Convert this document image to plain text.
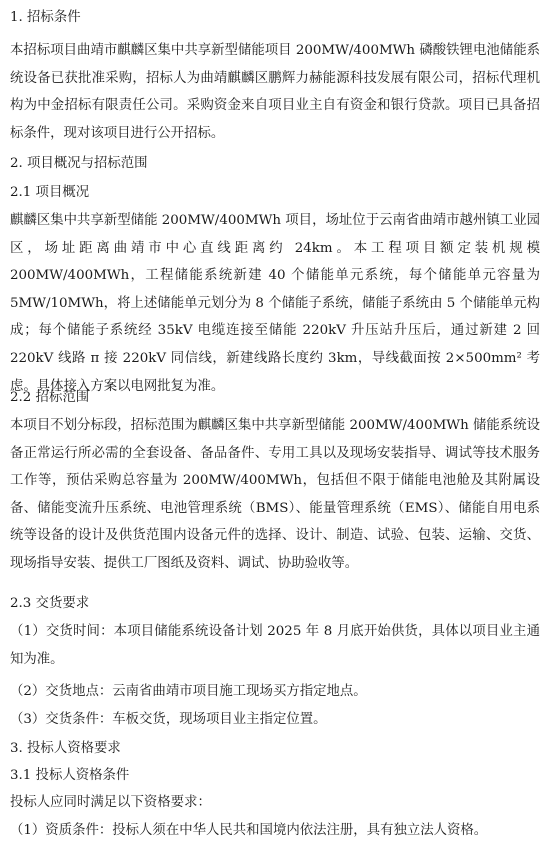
1. 招标条件
本招标项目曲靖市麒麟区集中共享新型储能项目 200MW/400MWh 磷酸铁锂电池储能系统设备已获批准采购，招标人为曲靖麒麟区鹏辉力赫能源科技发展有限公司，招标代理机构为中金招标有限责任公司。采购资金来自项目业主自有资金和银行贷款。项目已具备招标条件，现对该项目进行公开招标。
2. 项目概况与招标范围
2.1 项目概况
麒麟区集中共享新型储能 200MW/400MWh 项目，场址位于云南省曲靖市越州镇工业园区，场址距离曲靖市中心直线距离约 24km。本工程项目额定装机规模 200MW/400MWh，工程储能系统新建 40 个储能单元系统，每个储能单元容量为 5MW/10MWh，将上述储能单元划分为 8 个储能子系统，储能子系统由 5 个储能单元构成；每个储能子系统经 35kV 电缆连接至储能 220kV 升压站升压后，通过新建 2 回 220kV 线路 π 接 220kV 同信线，新建线路长度约 3km，导线截面按 2×500mm² 考虑。具体接入方案以电网批复为准。
2.2 招标范围
本项目不划分标段，招标范围为麒麟区集中共享新型储能 200MW/400MWh 储能系统设备正常运行所必需的全套设备、备品备件、专用工具以及现场安装指导、调试等技术服务工作等，预估采购总容量为 200MW/400MWh，包括但不限于储能电池舱及其附属设备、储能变流升压系统、电池管理系统（BMS）、能量管理系统（EMS）、储能自用电系统等设备的设计及供货范围内设备元件的选择、设计、制造、试验、包装、运输、交货、现场指导安装、提供工厂图纸及资料、调试、协助验收等。
2.3 交货要求
（1）交货时间：本项目储能系统设备计划 2025 年 8 月底开始供货，具体以项目业主通知为准。
（2）交货地点：云南省曲靖市项目施工现场买方指定地点。
（3）交货条件：车板交货，现场项目业主指定位置。
3. 投标人资格要求
3.1 投标人资格条件
投标人应同时满足以下资格要求：
（1）资质条件：投标人须在中华人民共和国境内依法注册，具有独立法人资格。
